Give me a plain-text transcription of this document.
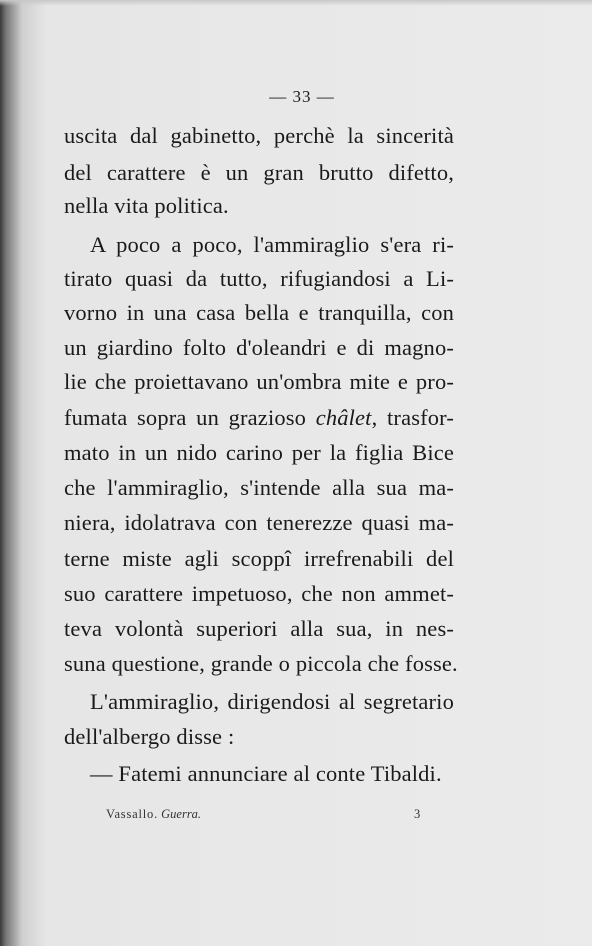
— 33 —
uscita dal gabinetto, perchè la sincerità
del carattere è un gran brutto difetto,
nella vita politica.
A poco a poco, l'ammiraglio s'era ri-
tirato quasi da tutto, rifugiandosi a Li-
vorno in una casa bella e tranquilla, con
un giardino folto d'oleandri e di magno-
lie che proiettavano un'ombra mite e pro-
fumata sopra un grazioso châlet, trasfor-
mato in un nido carino per la figlia Bice
che l'ammiraglio, s'intende alla sua ma-
niera, idolatrava con tenerezze quasi ma-
terne miste agli scoppî irrefrenabili del
suo carattere impetuoso, che non ammet-
teva volontà superiori alla sua, in nes-
suna questione, grande o piccola che fosse.
L'ammiraglio, dirigendosi al segretario
dell'albergo disse :
— Fatemi annunciare al conte Tibaldi.
Vassallo. Guerra.	3
